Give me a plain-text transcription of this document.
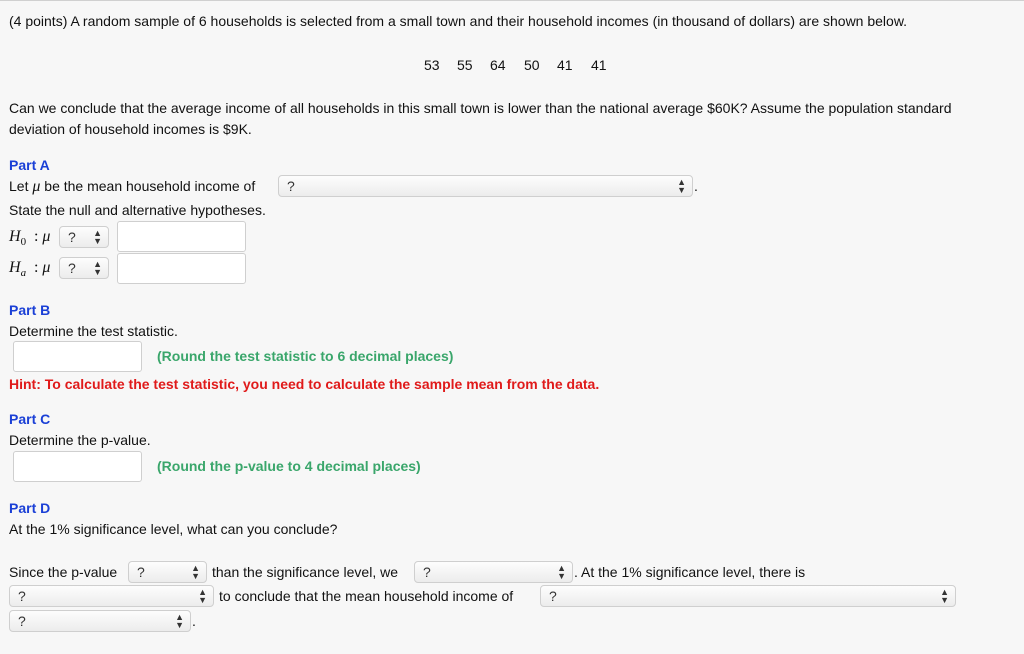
(4 points) A random sample of 6 households is selected from a small town and their household incomes (in thousand of dollars) are shown below.
53 55 64 50 41 41
Can we conclude that the average income of all households in this small town is lower than the national average $60K? Assume the population standard
deviation of household incomes is $9K.
Part A
Let μ be the mean household income of ?	▲
▼ .
State the null and alternative hypotheses.
$H_0$  : μ ? ▲
▼
$H_a$  : μ ? ▲
▼
Part B
Determine the test statistic.
(Round the test statistic to 6 decimal places)
Hint: To calculate the test statistic, you need to calculate the sample mean from the data.
Part C
Determine the p-value.
(Round the p-value to 4 decimal places)
Part D
At the 1% significance level, what can you conclude?
Since the p-value ?	▲
▼ than the significance level, we ?	▲
▼ . At the 1% significance level, there is
?	▲
▼ to conclude that the mean household income of	?	▲
▼
?	▲
▼ .
